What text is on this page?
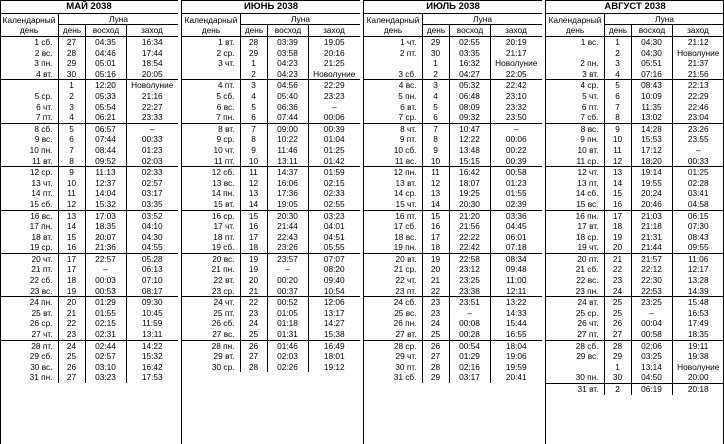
МАЙ 2038
Календарный
день
Луна
день	восход	заход
1 сб.	27	04:35	16:34
2 вс.	28	04:46	17:44
3 пн.	29	05:01	18:54
4 вт.	30	05:16	20:05
	1	12:20	Новолуние
5 ср.	2	05:33	21:16
6 чт.	3	05:54	22:27
7 пт.	4	06:21	23:33
8 сб.	5	06:57	–
9 вс.	6	07:44	00:33
10 пн.	7	08:44	01:23
11 вт.	8	09:52	02:03
12 ср.	9	11:13	02:33
13 чт.	10	12:37	02:57
14 пт.	11	14:04	03:17
15 сб.	12	15:32	03:35
16 вс.	13	17:03	03:52
17 пн.	14	18:35	04:10
18 вт.	15	20:07	04:30
19 ср.	16	21:36	04:55
20 чт.	17	22:57	05:28
21 пт.	17	–	06:13
22 сб.	18	00:03	07:10
23 вс.	19	00:53	08:17
24 пн.	20	01:29	09:30
25 вт.	21	01:55	10:45
26 ср.	22	02:15	11:59
27 чт.	23	02:31	13:11
28 пт.	24	02:44	14:22
29 сб.	25	02:57	15:32
30 вс.	26	03:10	16:42
31 пн.	27	03:23	17:53
ИЮНЬ 2038
Календарный
день
Луна
день	восход	заход
1 вт.	28	03:39	19:05
2 ср.	29	03:58	20:16
3 чт.	1	04:23	21:25
	2	04:23	Новолуние
4 пт.	3	04:56	22:29
5 сб.	4	05:40	23:23
6 вс.	5	06:36	–
7 пн.	6	07:44	00:06
8 вт.	7	09:00	00:39
9 ср.	8	10:22	01:04
10 чт.	9	11:46	01:25
11 пт.	10	13:11	01:42
12 сб.	11	14:37	01:59
13 вс.	12	16:06	02:15
14 пн.	13	17:36	02:33
15 вт.	14	19:05	02:55
16 ср.	15	20:30	03:23
17 чт.	16	21:44	04:01
18 пт.	17	22:43	04:51
19 сб.	18	23:26	05:55
20 вс.	19	23:57	07:07
21 пн.	19	–	08:20
22 вт.	20	00:20	09:40
23 ср.	21	00:37	10:54
24 чт.	22	00:52	12:06
25 пт.	23	01:05	13:17
26 сб.	24	01:18	14:27
27 вс.	25	01:31	15:38
28 пн.	26	01:46	16:49
29 вт.	27	02:03	18:01
30 ср.	28	02:26	19:12
ИЮЛЬ 2038
Календарный
день
Луна
день	восход	заход
1 чт.	29	02:55	20:19
2 пт.	30	03:35	21:17
	1	16:32	Новолуние
3 сб.	2	04:27	22:05
4 вс.	3	05:32	22:42
5 пн.	4	06:48	23:10
6 вт.	5	08:09	23:32
7 ср.	6	09:32	23:50
8 чт.	7	10:47	–
9 пт.	8	12:22	00:06
10 сб.	9	13:48	00:22
11 вс.	10	15:15	00:39
12 пн.	11	16:42	00:58
13 вт.	12	18:07	01:23
14 ср.	13	19:25	01:55
15 чт.	14	20:30	02:39
16 пт.	15	21:20	03:36
17 сб.	16	21:56	04:45
18 вс.	17	22:22	06:01
19 пн.	18	22:42	07:18
20 вт.	19	22:58	08:34
21 ср.	20	23:12	09:48
22 чт.	21	23:25	11:00
23 пт.	22	23:38	12:11
24 сб.	23	23:51	13:22
25 вс.	23	–	14:33
26 пн.	24	00:08	15:44
27 вт.	25	00:28	16:55
28 ср.	26	00:54	18:04
29 чт.	27	01:29	19:06
30 пт.	28	02:16	19:59
31 сб.	29	03:17	20:41
АВГУСТ 2038
Календарный
день
Луна
день	восход	заход
1 вс.	1	04:30	21:12
	2	04:30	Новолуние
2 пн.	3	05:51	21:37
3 вт.	4	07:16	21:56
4 ср.	5	08:43	22:13
5 чт.	6	10:09	22:29
6 пт.	7	11:35	22:46
7 сб.	8	13:02	23:04
8 вс.	9	14:28	23:26
9 пн.	10	15:53	23:55
10 вт.	11	17:12	–
11 ср.	12	18:20	00:33
12 чт.	13	19:14	01:25
13 пт.	14	19:55	02:28
14 сб.	15	20:24	03:41
15 вс.	16	20:46	04:58
16 пн.	17	21:03	06:15
17 вт.	18	21:18	07:30
18 ср.	19	21:31	08:43
19 чт.	20	21:44	09:55
20 пт.	21	21:57	11:06
21 сб.	22	22:12	12:17
22 вс.	23	22:30	13:28
23 пн.	24	22:53	14:39
24 вт.	25	23:25	15:48
25 ср.	25	–	16:53
26 чт.	26	00:04	17:49
27 пт.	27	00:58	18:35
28 сб.	28	02:06	19:11
29 вс.	29	03:25	19:38
	1	13:14	Новолуние
30 пн.	30	04:50	20:00
31 вт.	2	06:19	20:18
